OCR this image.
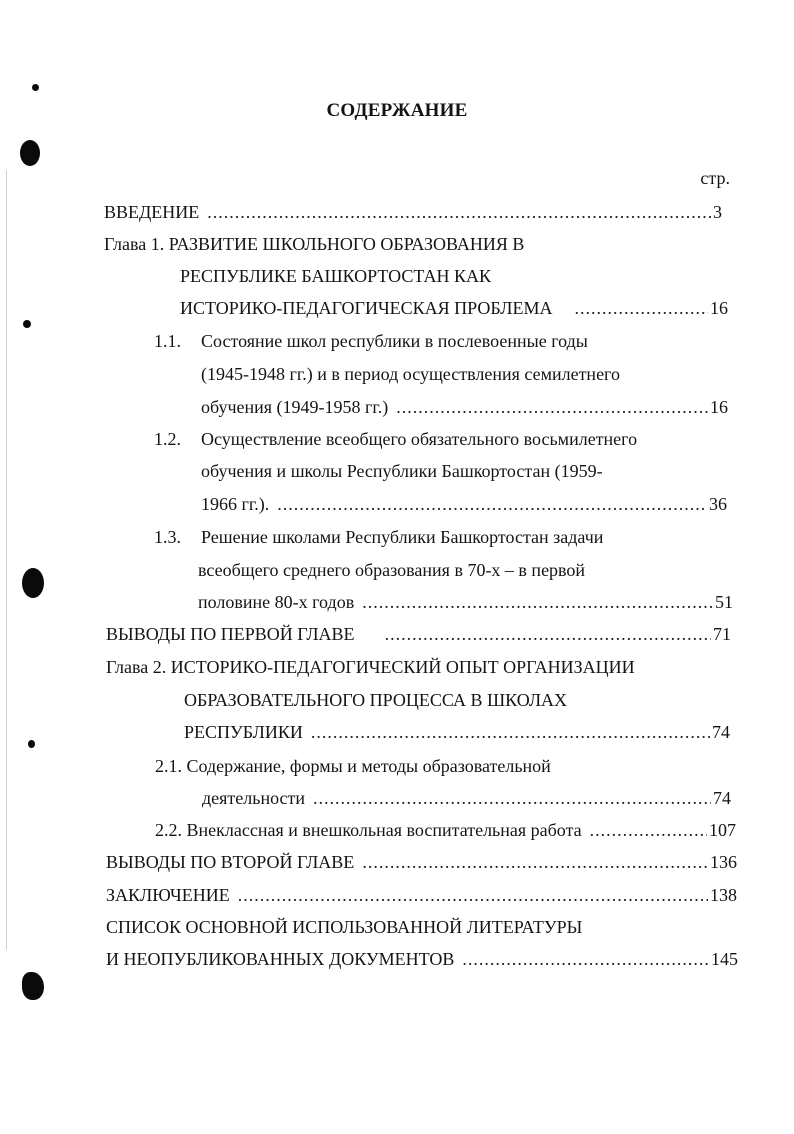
СОДЕРЖАНИЕ
стр.
ВВЕДЕНИЕ .....	3
Глава 1. РАЗВИТИЕ ШКОЛЬНОГО ОБРАЗОВАНИЯ В
РЕСПУБЛИКЕ БАШКОРТОСТАН КАК
ИСТОРИКО-ПЕДАГОГИЧЕСКАЯ ПРОБЛЕМА .....	16
1.1. Состояние школ республики в послевоенные годы
(1945-1948 гг.) и в период осуществления семилетнего
обучения (1949-1958 гг.) .....	16
1.2. Осуществление всеобщего обязательного восьмилетнего
обучения и школы Республики Башкортостан (1959-
1966 гг.). .....	36
1.3. Решение школами Республики Башкортостан задачи
всеобщего среднего образования в 70-х – в первой
половине 80-х годов .....	51
ВЫВОДЫ ПО ПЕРВОЙ ГЛАВЕ .....	71
Глава 2. ИСТОРИКО-ПЕДАГОГИЧЕСКИЙ ОПЫТ ОРГАНИЗАЦИИ
ОБРАЗОВАТЕЛЬНОГО ПРОЦЕССА В ШКОЛАХ
РЕСПУБЛИКИ .....	74
2.1. Содержание, формы и методы образовательной
деятельности .....	74
2.2. Внеклассная и внешкольная воспитательная работа .....	107
ВЫВОДЫ ПО ВТОРОЙ ГЛАВЕ .....	136
ЗАКЛЮЧЕНИЕ .....	138
СПИСОК ОСНОВНОЙ ИСПОЛЬЗОВАННОЙ ЛИТЕРАТУРЫ
И НЕОПУБЛИКОВАННЫХ ДОКУМЕНТОВ .....	145
